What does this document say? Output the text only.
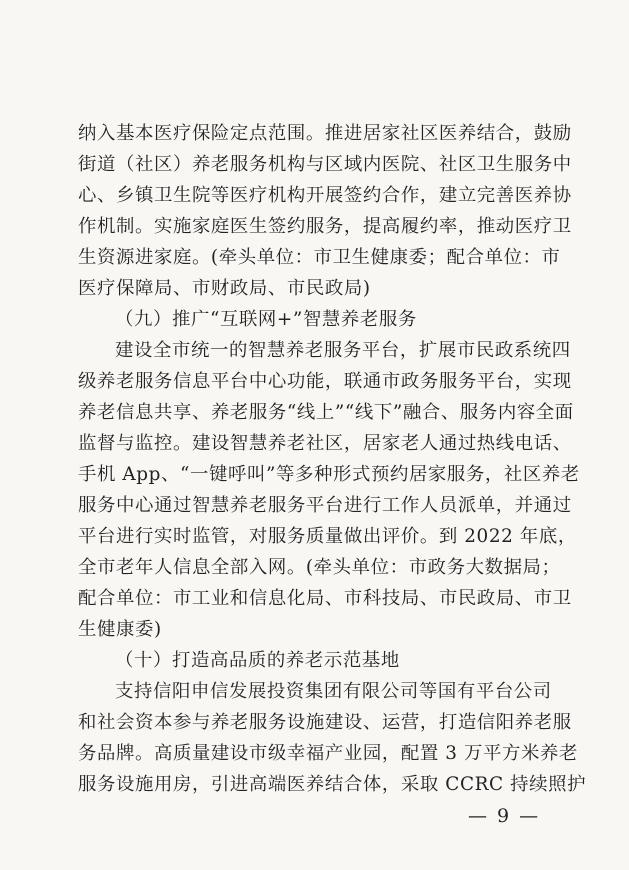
纳入基本医疗保险定点范围。推进居家社区医养结合，鼓励
街道（社区）养老服务机构与区域内医院、社区卫生服务中
心、乡镇卫生院等医疗机构开展签约合作，建立完善医养协
作机制。实施家庭医生签约服务，提高履约率，推动医疗卫
生资源进家庭。(牵头单位：市卫生健康委；配合单位：市
医疗保障局、市财政局、市民政局)
（九）推广“互联网+”智慧养老服务
建设全市统一的智慧养老服务平台，扩展市民政系统四
级养老服务信息平台中心功能，联通市政务服务平台，实现
养老信息共享、养老服务“线上”“线下”融合、服务内容全面
监督与监控。建设智慧养老社区，居家老人通过热线电话、
手机 App、“一键呼叫”等多种形式预约居家服务，社区养老
服务中心通过智慧养老服务平台进行工作人员派单，并通过
平台进行实时监管，对服务质量做出评价。到 2022 年底，
全市老年人信息全部入网。(牵头单位：市政务大数据局；
配合单位：市工业和信息化局、市科技局、市民政局、市卫
生健康委)
（十）打造高品质的养老示范基地
支持信阳申信发展投资集团有限公司等国有平台公司
和社会资本参与养老服务设施建设、运营，打造信阳养老服
务品牌。高质量建设市级幸福产业园，配置 3 万平方米养老
服务设施用房，引进高端医养结合体，采取 CCRC 持续照护
— 9 —
